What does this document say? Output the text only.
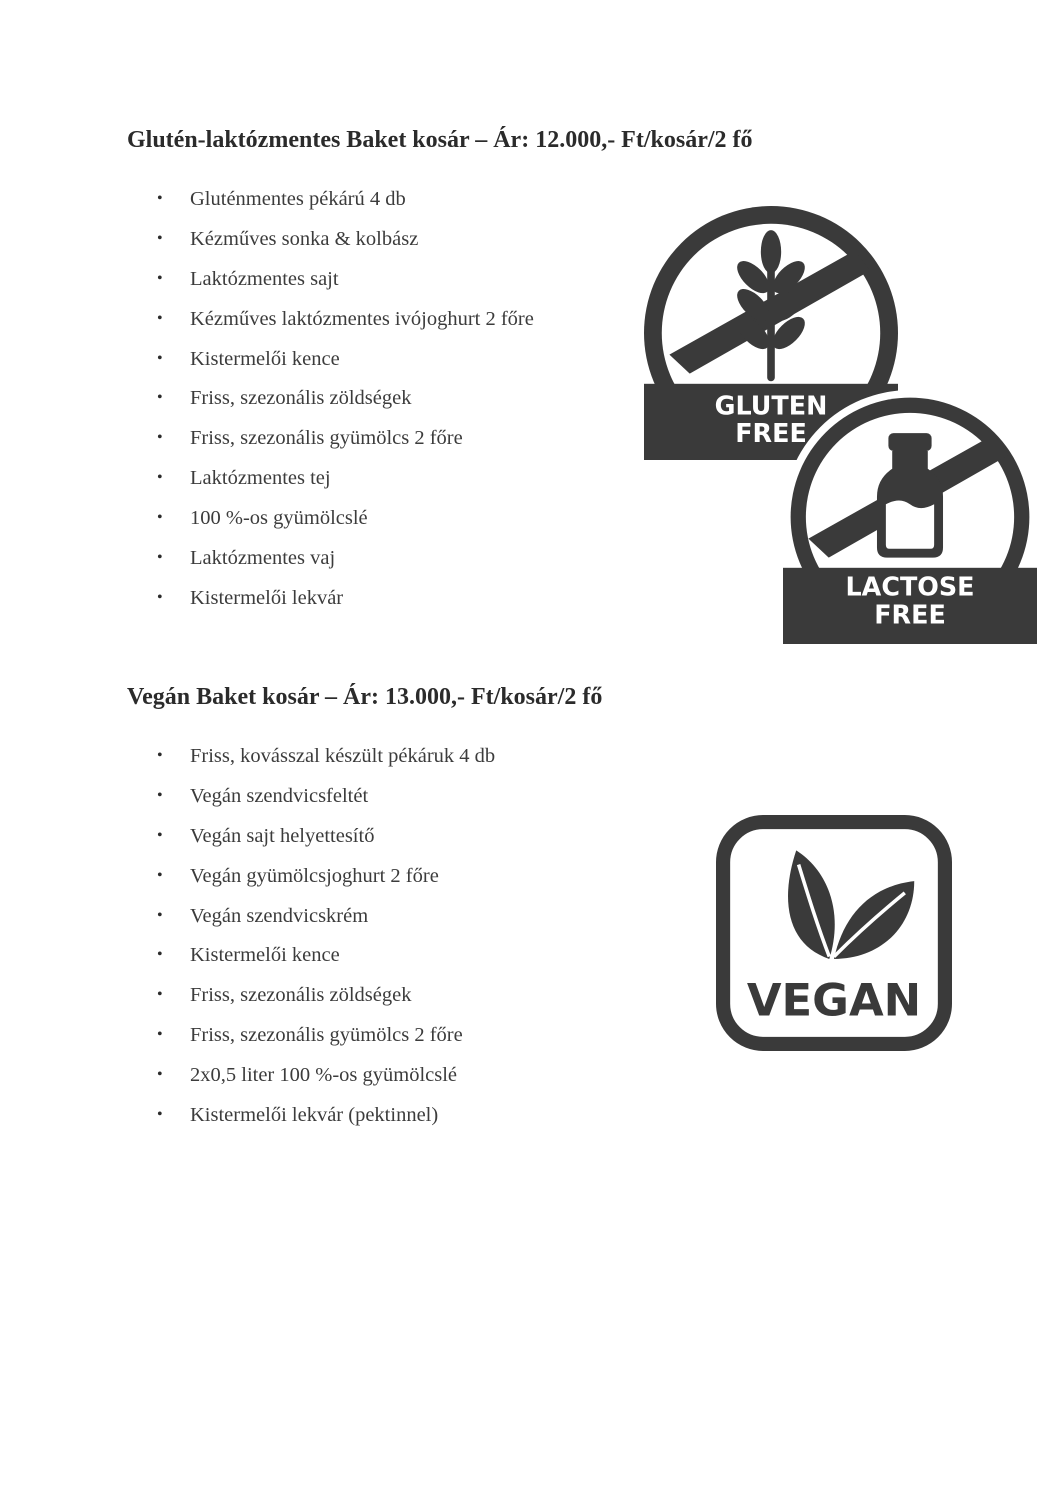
Glutén-laktózmentes Baket kosár – Ár: 12.000,- Ft/kosár/2 fő
• Gluténmentes pékárú 4 db
• Kézműves sonka & kolbász
• Laktózmentes sajt
• Kézműves laktózmentes ivójoghurt 2 főre
• Kistermelői kence
• Friss, szezonális zöldségek
• Friss, szezonális gyümölcs 2 főre
• Laktózmentes tej
• 100 %-os gyümölcslé
• Laktózmentes vaj
• Kistermelői lekvár
GLUTEN
FREE
LACTOSE
FREE
Vegán Baket kosár – Ár: 13.000,- Ft/kosár/2 fő
• Friss, kovásszal készült pékáruk 4 db
• Vegán szendvicsfeltét
• Vegán sajt helyettesítő
• Vegán gyümölcsjoghurt 2 főre
• Vegán szendvicskrém
• Kistermelői kence
• Friss, szezonális zöldségek
• Friss, szezonális gyümölcs 2 főre
• 2x0,5 liter 100 %-os gyümölcslé
• Kistermelői lekvár (pektinnel)
VEGAN
